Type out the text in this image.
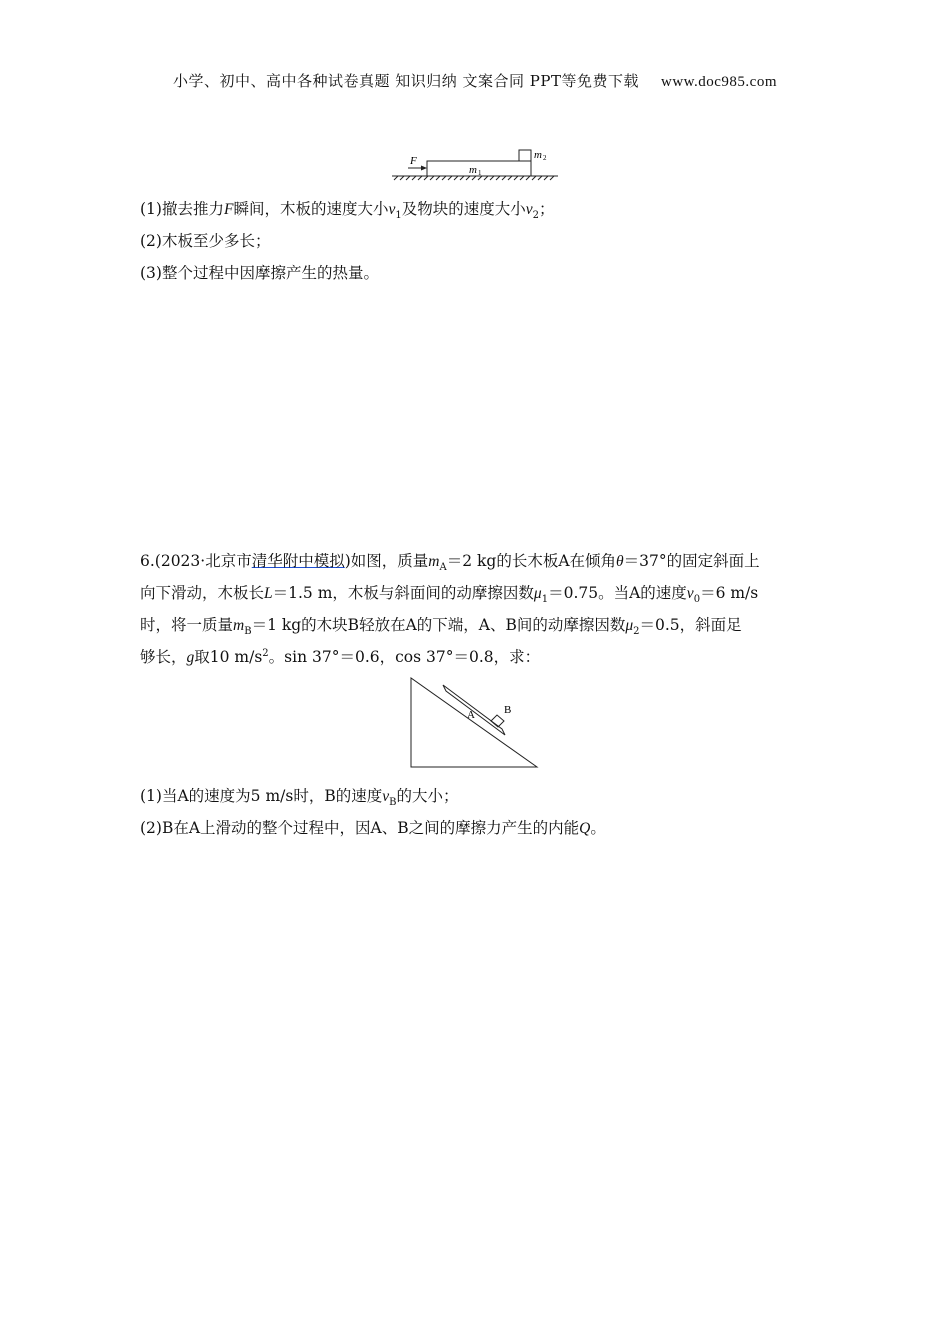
小学、初中、高中各种试卷真题 知识归纳 文案合同 PPT等免费下载 www.doc985.com
F
m 1
m 2
(1)撤去推力F瞬间，木板的速度大小$v_1$及物块的速度大小$v_2$；
(2)木板至少多长；
(3)整个过程中因摩擦产生的热量。
6.(2023·北京市清华附中模拟)如图，质量$m_A=2$ kg的长木板A在倾角θ＝37°的固定斜面上
向下滑动，木板长L＝1.5 m，木板与斜面间的动摩擦因数$\mu_1=0.75$。当A的速度$v_0=6$ m/s
时，将一质量$m_B=1$ kg的木块B轻放在A的下端，A、B间的动摩擦因数$\mu_2=0.5$，斜面足
够长，g取10 $m/s^2$。sin 37°＝0.6，cos 37°＝0.8，求：
A	B
(1)当A的速度为5 m/s时，B的速度$v_B$的大小；
(2)B在A上滑动的整个过程中，因A、B之间的摩擦力产生的内能Q。
